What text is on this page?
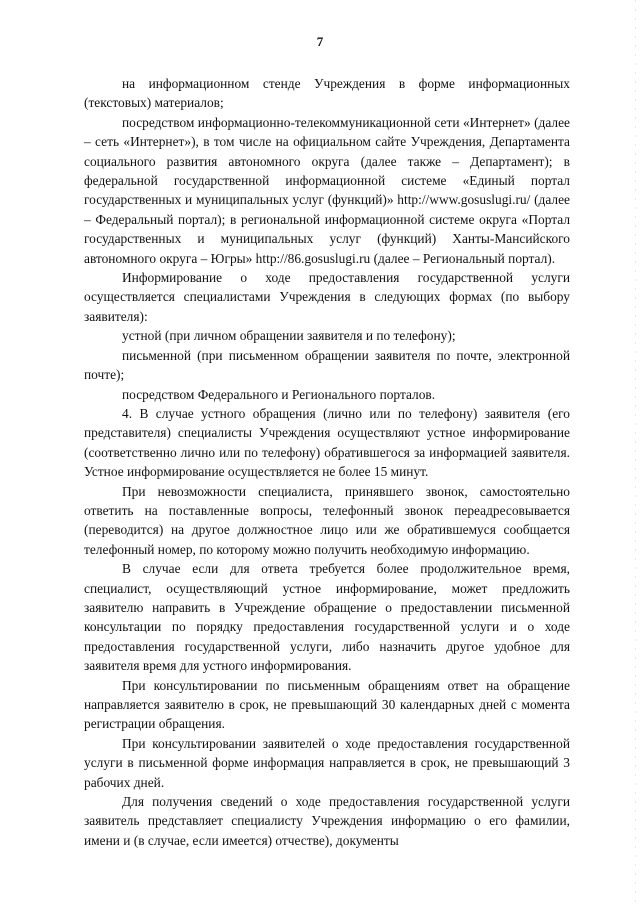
7

на информационном стенде Учреждения в форме информационных (текстовых) материалов;

посредством информационно-телекоммуникационной сети «Интернет» (далее – сеть «Интернет»), в том числе на официальном сайте Учреждения, Департамента социального развития автономного округа (далее также – Департамент); в федеральной государственной информационной системе «Единый портал государственных и муниципальных услуг (функций)» http://www.gosuslugi.ru/ (далее – Федеральный портал); в региональной информационной системе округа «Портал государственных и муниципальных услуг (функций) Ханты-Мансийского автономного округа – Югры» http://86.gosuslugi.ru (далее – Региональный портал).

Информирование о ходе предоставления государственной услуги осуществляется специалистами Учреждения в следующих формах (по выбору заявителя):

устной (при личном обращении заявителя и по телефону);

письменной (при письменном обращении заявителя по почте, электронной почте);

посредством Федерального и Регионального порталов.

4. В случае устного обращения (лично или по телефону) заявителя (его представителя) специалисты Учреждения осуществляют устное информирование (соответственно лично или по телефону) обратившегося за информацией заявителя. Устное информирование осуществляется не более 15 минут.

При невозможности специалиста, принявшего звонок, самостоятельно ответить на поставленные вопросы, телефонный звонок переадресовывается (переводится) на другое должностное лицо или же обратившемуся сообщается телефонный номер, по которому можно получить необходимую информацию.

В случае если для ответа требуется более продолжительное время, специалист, осуществляющий устное информирование, может предложить заявителю направить в Учреждение обращение о предоставлении письменной консультации по порядку предоставления государственной услуги и о ходе предоставления государственной услуги, либо назначить другое удобное для заявителя время для устного информирования.

При консультировании по письменным обращениям ответ на обращение направляется заявителю в срок, не превышающий 30 календарных дней с момента регистрации обращения.

При консультировании заявителей о ходе предоставления государственной услуги в письменной форме информация направляется в срок, не превышающий 3 рабочих дней.

Для получения сведений о ходе предоставления государственной услуги заявитель представляет специалисту Учреждения информацию о его фамилии, имени и (в случае, если имеется) отчестве), документы
